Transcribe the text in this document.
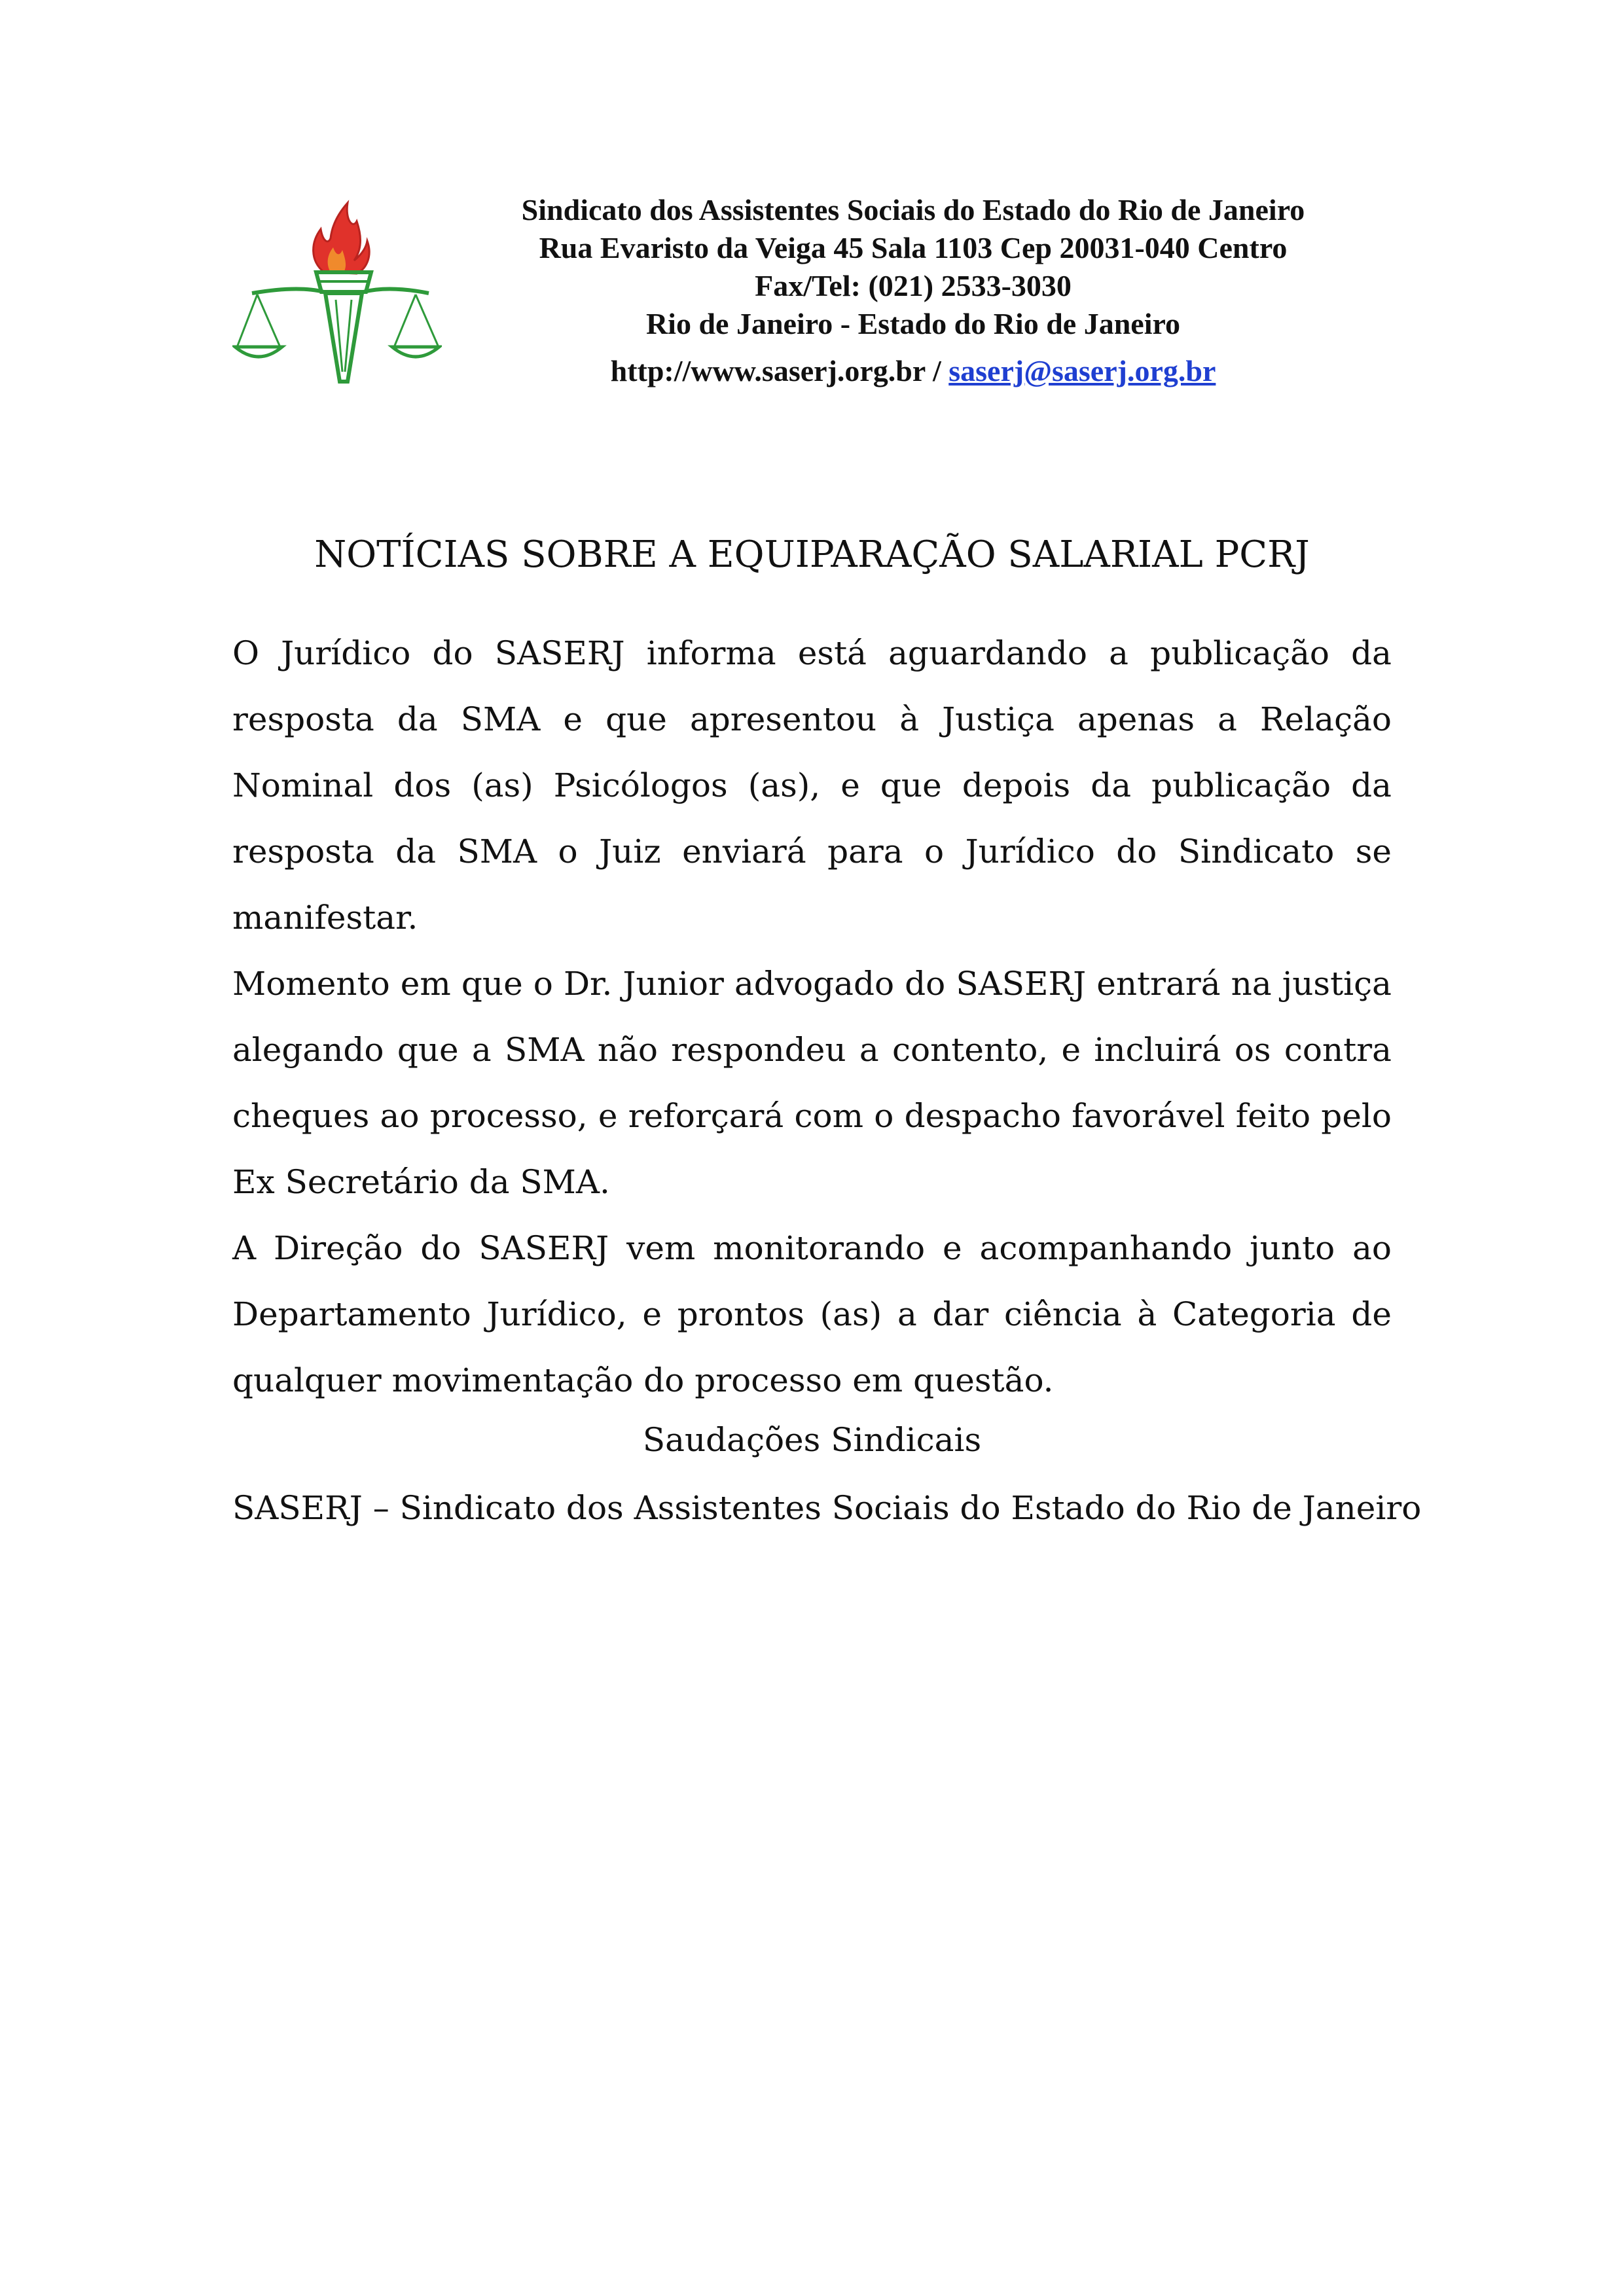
Sindicato dos Assistentes Sociais do Estado do Rio de Janeiro
Rua Evaristo da Veiga 45 Sala 1103 Cep 20031-040 Centro
Fax/Tel: (021) 2533-3030
Rio de Janeiro - Estado do Rio de Janeiro
http://www.saserj.org.br / saserj@saserj.org.br
NOTÍCIAS SOBRE A EQUIPARAÇÃO SALARIAL PCRJ

O Jurídico do SASERJ informa está aguardando a publicação da resposta da SMA e que apresentou à Justiça apenas a Relação Nominal dos (as) Psicólogos (as), e que depois da publicação da resposta da SMA o Juiz enviará para o Jurídico do Sindicato se manifestar.

Momento em que o Dr. Junior advogado do SASERJ entrará na justiça alegando que a SMA não respondeu a contento, e incluirá os contra cheques ao processo, e reforçará com o despacho favorável feito pelo Ex Secretário da SMA.

A Direção do SASERJ vem monitorando e acompanhando junto ao Departamento Jurídico, e prontos (as) a dar ciência à Categoria de qualquer movimentação do processo em questão.

Saudações Sindicais
SASERJ – Sindicato dos Assistentes Sociais do Estado do Rio de Janeiro
